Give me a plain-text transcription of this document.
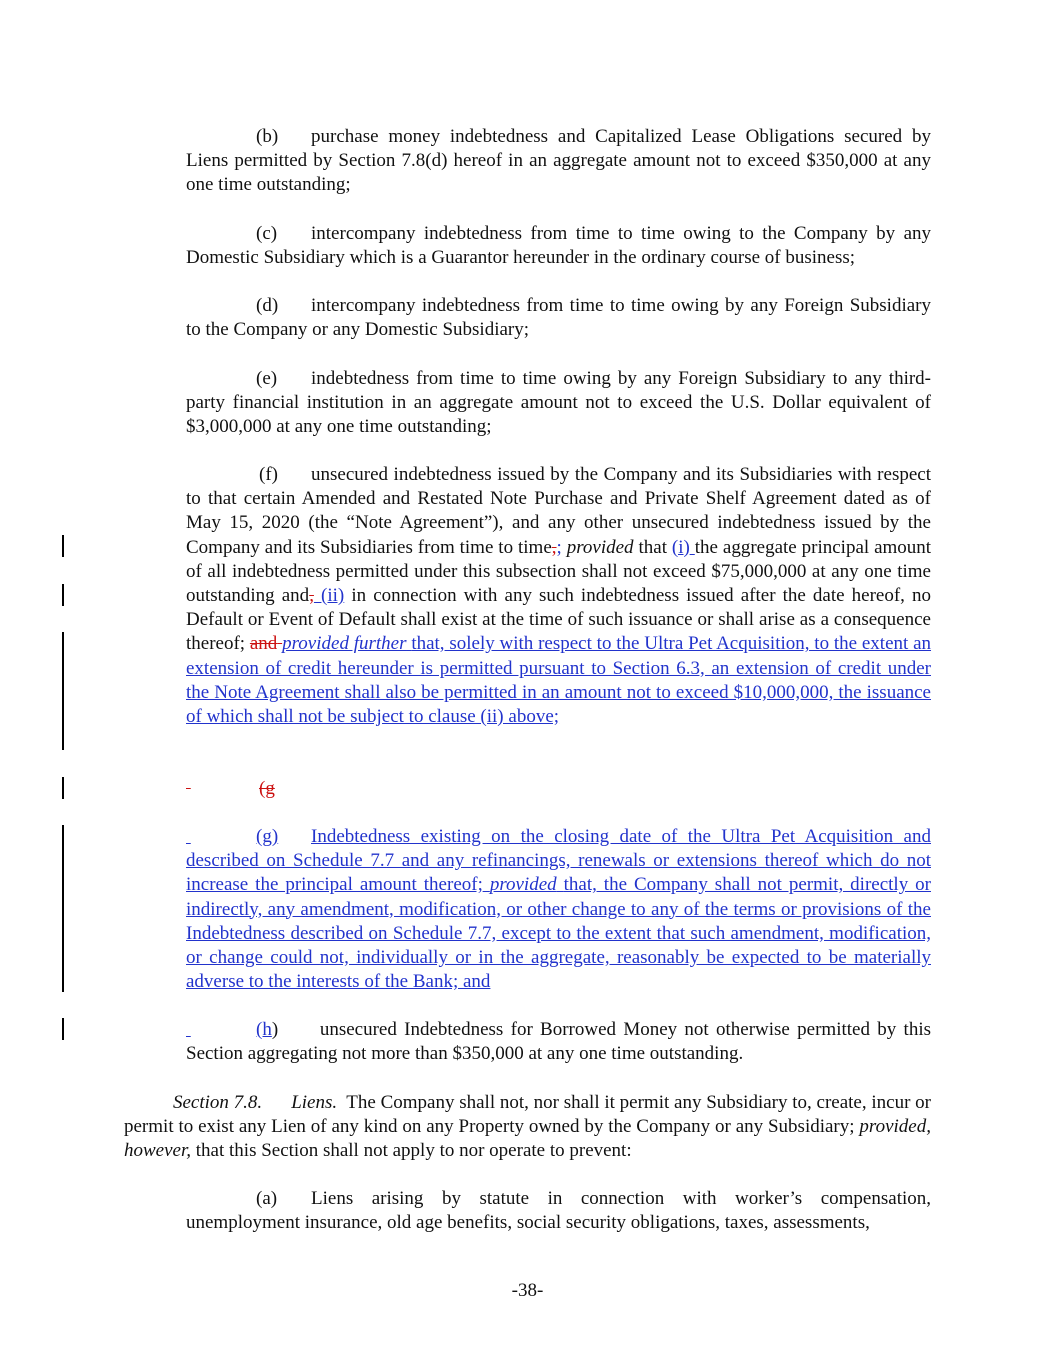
(b) purchase money indebtedness and Capitalized Lease Obligations secured by Liens permitted by Section 7.8(d) hereof in an aggregate amount not to exceed $350,000 at any one time outstanding;

(c) intercompany indebtedness from time to time owing to the Company by any Domestic Subsidiary which is a Guarantor hereunder in the ordinary course of business;

(d) intercompany indebtedness from time to time owing by any Foreign Subsidiary to the Company or any Domestic Subsidiary;

(e) indebtedness from time to time owing by any Foreign Subsidiary to any third-party financial institution in an aggregate amount not to exceed the U.S. Dollar equivalent of $3,000,000 at any one time outstanding;

(f) unsecured indebtedness issued by the Company and its Subsidiaries with respect to that certain Amended and Restated Note Purchase and Private Shelf Agreement dated as of May 15, 2020 (the “Note Agreement”), and any other unsecured indebtedness issued by the Company and its Subsidiaries from time to time,; provided that (i) the aggregate principal amount of all indebtedness permitted under this subsection shall not exceed $75,000,000 at any one time outstanding and, (ii) in connection with any such indebtedness issued after the date hereof, no Default or Event of Default shall exist at the time of such issuance or shall arise as a consequence thereof; and provided further that, solely with respect to the Ultra Pet Acquisition, to the extent an extension of credit hereunder is permitted pursuant to Section 6.3, an extension of credit under the Note Agreement shall also be permitted in an amount not to exceed $10,000,000, the issuance of which shall not be subject to clause (ii) above;

(g

(g) Indebtedness existing on the closing date of the Ultra Pet Acquisition and described on Schedule 7.7 and any refinancings, renewals or extensions thereof which do not increase the principal amount thereof; provided that, the Company shall not permit, directly or indirectly, any amendment, modification, or other change to any of the terms or provisions of the Indebtedness described on Schedule 7.7, except to the extent that such amendment, modification, or change could not, individually or in the aggregate, reasonably be expected to be materially adverse to the interests of the Bank; and

(h) unsecured Indebtedness for Borrowed Money not otherwise permitted by this Section aggregating not more than $350,000 at any one time outstanding.

Section 7.8. Liens. The Company shall not, nor shall it permit any Subsidiary to, create, incur or permit to exist any Lien of any kind on any Property owned by the Company or any Subsidiary; provided, however, that this Section shall not apply to nor operate to prevent:

(a) Liens arising by statute in connection with worker’s compensation, unemployment insurance, old age benefits, social security obligations, taxes, assessments,

-38-
